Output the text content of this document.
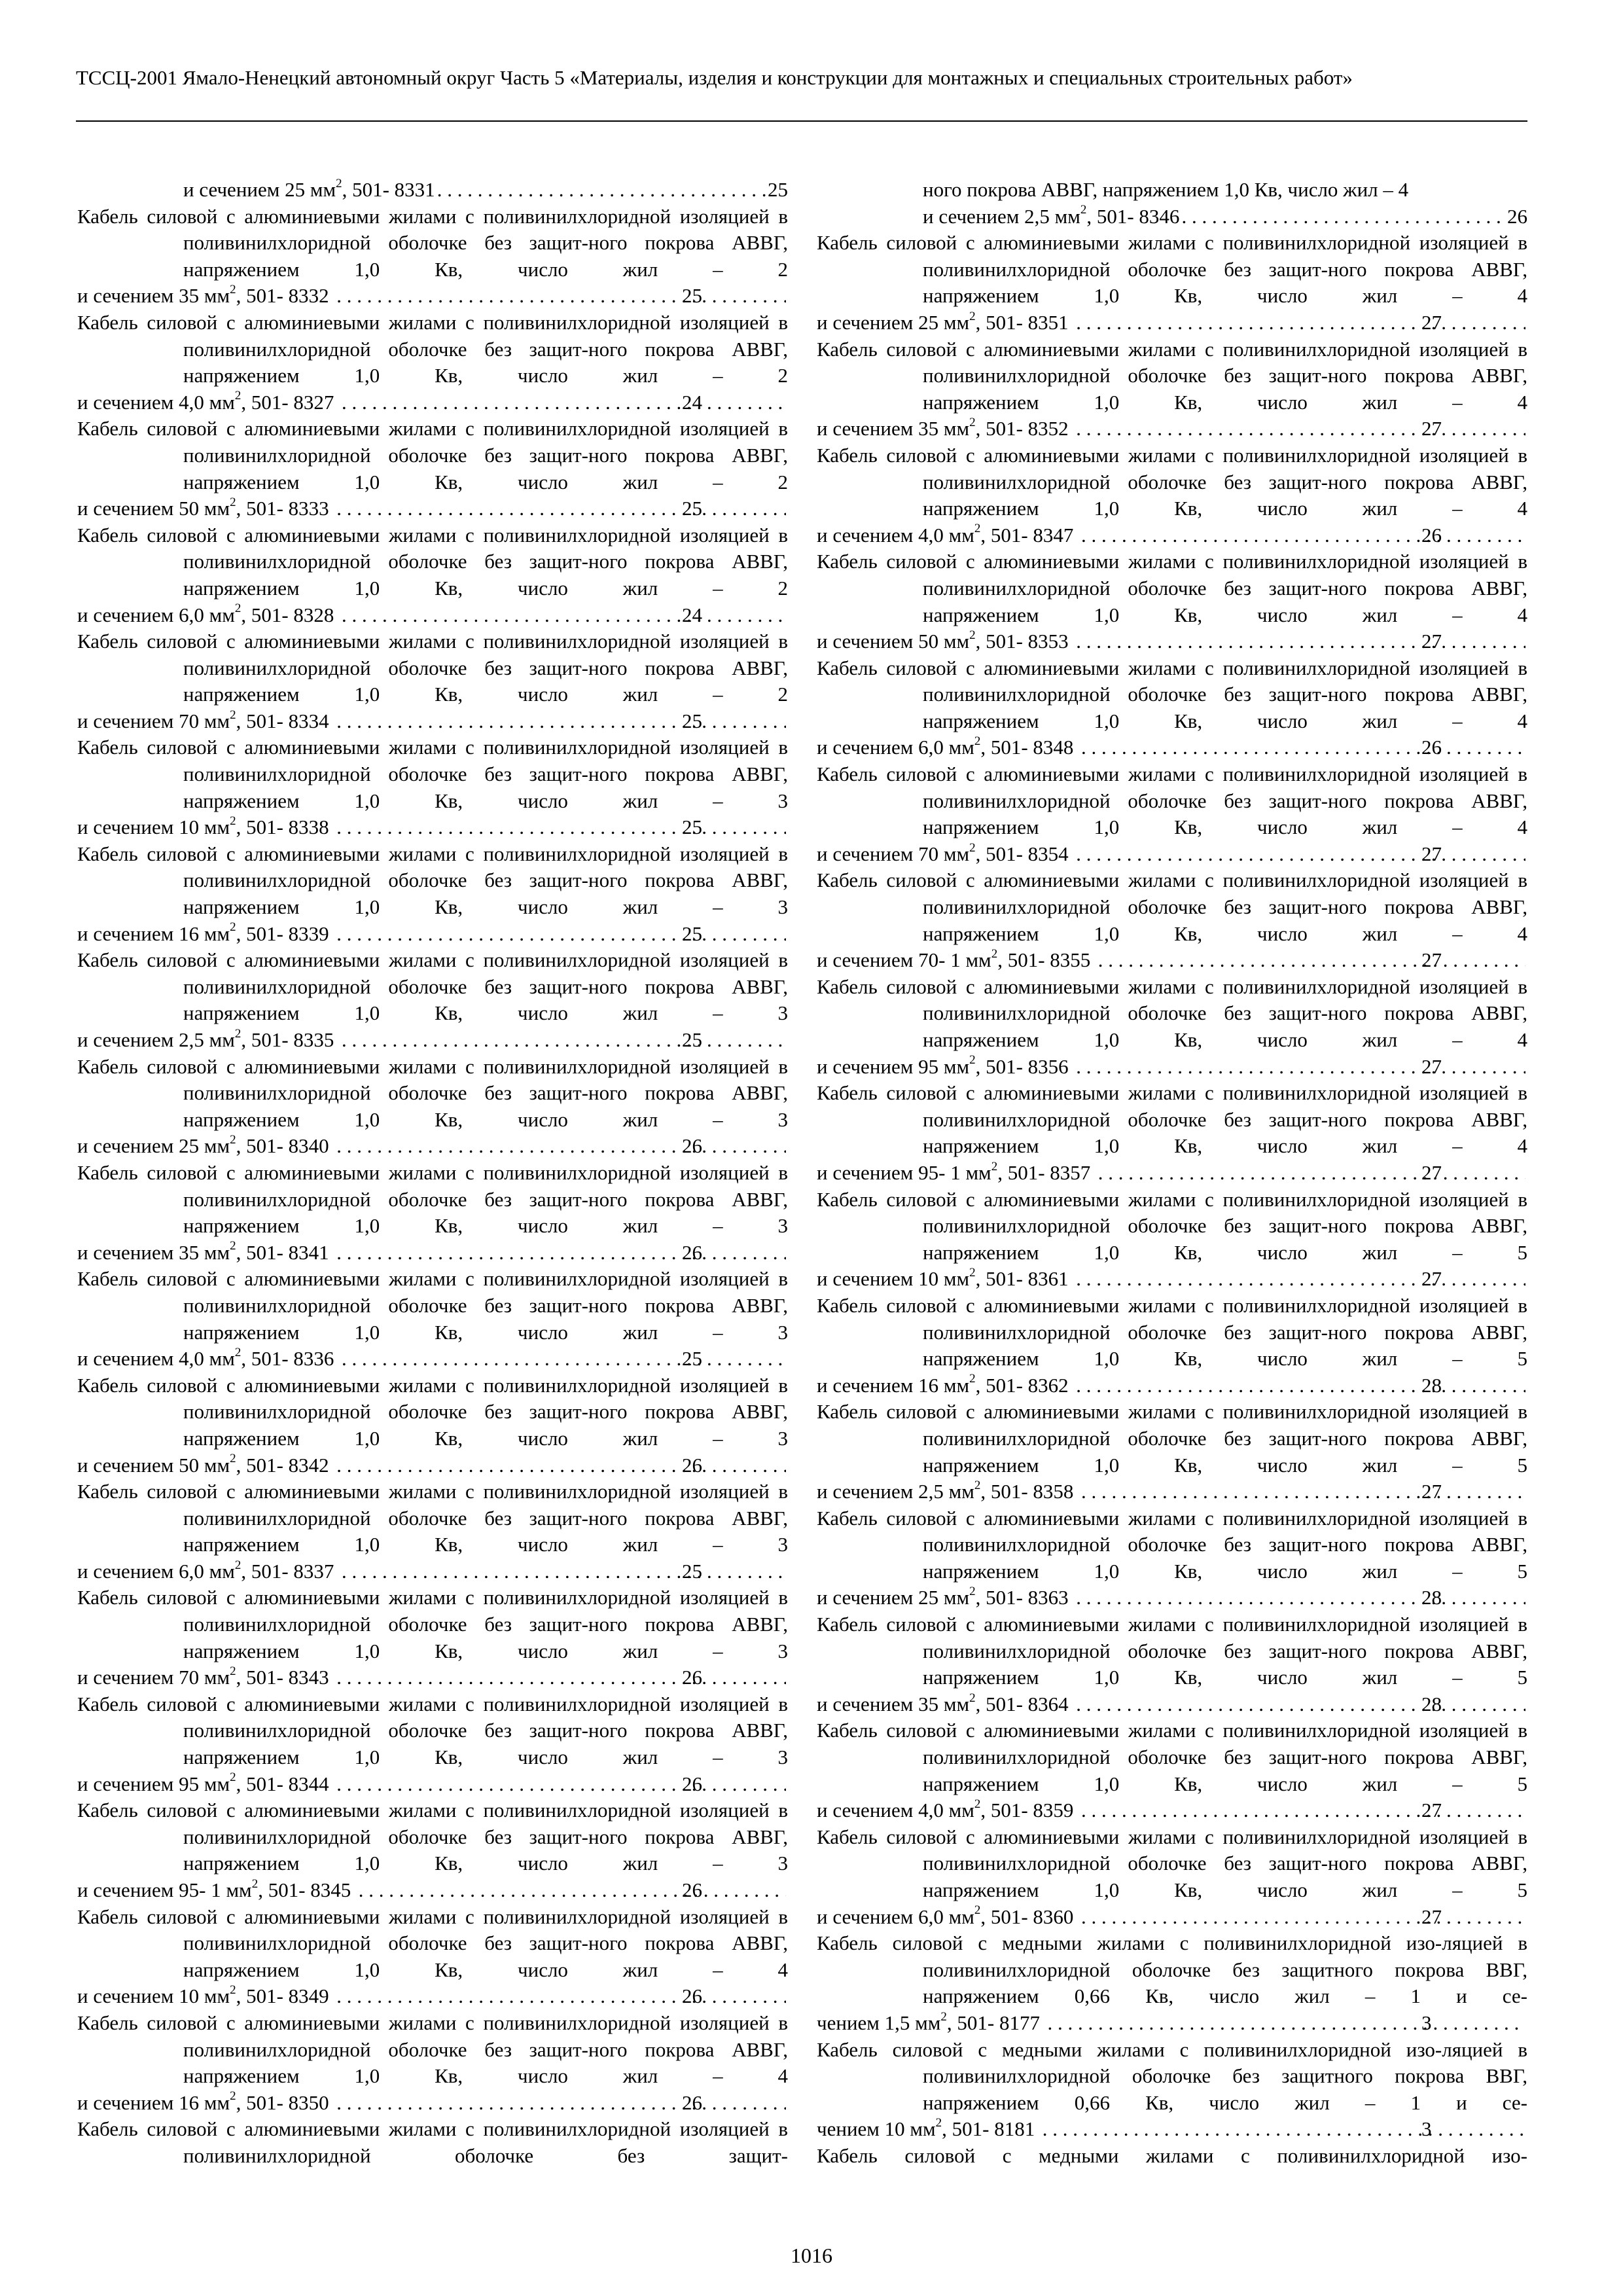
ТССЦ-2001 Ямало-Ненецкий автономный округ Часть 5 «Материалы, изделия и конструкции для монтажных и специальных строительных работ»
и сечением 25 $мм^2$, 501- 8331 . . .	25
Кабель силовой с алюминиевыми жилами с поливинилхлоридной изоляцией в поливинилхлоридной оболочке без защит-ного покрова АВВГ, напряжением 1,0 Кв, число жил – 2
и сечением 35 $мм^2$, 501- 8332 . . .	25
Кабель силовой с алюминиевыми жилами с поливинилхлоридной изоляцией в поливинилхлоридной оболочке без защит-ного покрова АВВГ, напряжением 1,0 Кв, число жил – 2
и сечением 4,0 $мм^2$, 501- 8327 . . .	24
Кабель силовой с алюминиевыми жилами с поливинилхлоридной изоляцией в поливинилхлоридной оболочке без защит-ного покрова АВВГ, напряжением 1,0 Кв, число жил – 2
и сечением 50 $мм^2$, 501- 8333 . . .	25
Кабель силовой с алюминиевыми жилами с поливинилхлоридной изоляцией в поливинилхлоридной оболочке без защит-ного покрова АВВГ, напряжением 1,0 Кв, число жил – 2
и сечением 6,0 $мм^2$, 501- 8328 . . .	24
Кабель силовой с алюминиевыми жилами с поливинилхлоридной изоляцией в поливинилхлоридной оболочке без защит-ного покрова АВВГ, напряжением 1,0 Кв, число жил – 2
и сечением 70 $мм^2$, 501- 8334 . . .	25
Кабель силовой с алюминиевыми жилами с поливинилхлоридной изоляцией в поливинилхлоридной оболочке без защит-ного покрова АВВГ, напряжением 1,0 Кв, число жил – 3
и сечением 10 $мм^2$, 501- 8338 . . .	25
Кабель силовой с алюминиевыми жилами с поливинилхлоридной изоляцией в поливинилхлоридной оболочке без защит-ного покрова АВВГ, напряжением 1,0 Кв, число жил – 3
и сечением 16 $мм^2$, 501- 8339 . . .	25
Кабель силовой с алюминиевыми жилами с поливинилхлоридной изоляцией в поливинилхлоридной оболочке без защит-ного покрова АВВГ, напряжением 1,0 Кв, число жил – 3
и сечением 2,5 $мм^2$, 501- 8335 . . .	25
Кабель силовой с алюминиевыми жилами с поливинилхлоридной изоляцией в поливинилхлоридной оболочке без защит-ного покрова АВВГ, напряжением 1,0 Кв, число жил – 3
и сечением 25 $мм^2$, 501- 8340 . . .	26
Кабель силовой с алюминиевыми жилами с поливинилхлоридной изоляцией в поливинилхлоридной оболочке без защит-ного покрова АВВГ, напряжением 1,0 Кв, число жил – 3
и сечением 35 $мм^2$, 501- 8341 . . .	26
Кабель силовой с алюминиевыми жилами с поливинилхлоридной изоляцией в поливинилхлоридной оболочке без защит-ного покрова АВВГ, напряжением 1,0 Кв, число жил – 3
и сечением 4,0 $мм^2$, 501- 8336 . . .	25
Кабель силовой с алюминиевыми жилами с поливинилхлоридной изоляцией в поливинилхлоридной оболочке без защит-ного покрова АВВГ, напряжением 1,0 Кв, число жил – 3
и сечением 50 $мм^2$, 501- 8342 . . .	26
Кабель силовой с алюминиевыми жилами с поливинилхлоридной изоляцией в поливинилхлоридной оболочке без защит-ного покрова АВВГ, напряжением 1,0 Кв, число жил – 3
и сечением 6,0 $мм^2$, 501- 8337 . . .	25
Кабель силовой с алюминиевыми жилами с поливинилхлоридной изоляцией в поливинилхлоридной оболочке без защит-ного покрова АВВГ, напряжением 1,0 Кв, число жил – 3
и сечением 70 $мм^2$, 501- 8343 . . .	26
Кабель силовой с алюминиевыми жилами с поливинилхлоридной изоляцией в поливинилхлоридной оболочке без защит-ного покрова АВВГ, напряжением 1,0 Кв, число жил – 3
и сечением 95 $мм^2$, 501- 8344 . . .	26
Кабель силовой с алюминиевыми жилами с поливинилхлоридной изоляцией в поливинилхлоридной оболочке без защит-ного покрова АВВГ, напряжением 1,0 Кв, число жил – 3
и сечением 95- 1 $мм^2$, 501- 8345 . . .	26
Кабель силовой с алюминиевыми жилами с поливинилхлоридной изоляцией в поливинилхлоридной оболочке без защит-ного покрова АВВГ, напряжением 1,0 Кв, число жил – 4
и сечением 10 $мм^2$, 501- 8349 . . .	26
Кабель силовой с алюминиевыми жилами с поливинилхлоридной изоляцией в поливинилхлоридной оболочке без защит-ного покрова АВВГ, напряжением 1,0 Кв, число жил – 4
и сечением 16 $мм^2$, 501- 8350 . . .	26
Кабель силовой с алюминиевыми жилами с поливинилхлоридной изоляцией в поливинилхлоридной оболочке без защит-
ного покрова АВВГ, напряжением 1,0 Кв, число жил – 4
и сечением 2,5 $мм^2$, 501- 8346 . . .	26
Кабель силовой с алюминиевыми жилами с поливинилхлоридной изоляцией в поливинилхлоридной оболочке без защит-ного покрова АВВГ, напряжением 1,0 Кв, число жил – 4
и сечением 25 $мм^2$, 501- 8351 . . .	27
Кабель силовой с алюминиевыми жилами с поливинилхлоридной изоляцией в поливинилхлоридной оболочке без защит-ного покрова АВВГ, напряжением 1,0 Кв, число жил – 4
и сечением 35 $мм^2$, 501- 8352 . . .	27
Кабель силовой с алюминиевыми жилами с поливинилхлоридной изоляцией в поливинилхлоридной оболочке без защит-ного покрова АВВГ, напряжением 1,0 Кв, число жил – 4
и сечением 4,0 $мм^2$, 501- 8347 . . .	26
Кабель силовой с алюминиевыми жилами с поливинилхлоридной изоляцией в поливинилхлоридной оболочке без защит-ного покрова АВВГ, напряжением 1,0 Кв, число жил – 4
и сечением 50 $мм^2$, 501- 8353 . . .	27
Кабель силовой с алюминиевыми жилами с поливинилхлоридной изоляцией в поливинилхлоридной оболочке без защит-ного покрова АВВГ, напряжением 1,0 Кв, число жил – 4
и сечением 6,0 $мм^2$, 501- 8348 . . .	26
Кабель силовой с алюминиевыми жилами с поливинилхлоридной изоляцией в поливинилхлоридной оболочке без защит-ного покрова АВВГ, напряжением 1,0 Кв, число жил – 4
и сечением 70 $мм^2$, 501- 8354 . . .	27
Кабель силовой с алюминиевыми жилами с поливинилхлоридной изоляцией в поливинилхлоридной оболочке без защит-ного покрова АВВГ, напряжением 1,0 Кв, число жил – 4
и сечением 70- 1 $мм^2$, 501- 8355 . . .	27
Кабель силовой с алюминиевыми жилами с поливинилхлоридной изоляцией в поливинилхлоридной оболочке без защит-ного покрова АВВГ, напряжением 1,0 Кв, число жил – 4
и сечением 95 $мм^2$, 501- 8356 . . .	27
Кабель силовой с алюминиевыми жилами с поливинилхлоридной изоляцией в поливинилхлоридной оболочке без защит-ного покрова АВВГ, напряжением 1,0 Кв, число жил – 4
и сечением 95- 1 $мм^2$, 501- 8357 . . .	27
Кабель силовой с алюминиевыми жилами с поливинилхлоридной изоляцией в поливинилхлоридной оболочке без защит-ного покрова АВВГ, напряжением 1,0 Кв, число жил – 5
и сечением 10 $мм^2$, 501- 8361 . . .	27
Кабель силовой с алюминиевыми жилами с поливинилхлоридной изоляцией в поливинилхлоридной оболочке без защит-ного покрова АВВГ, напряжением 1,0 Кв, число жил – 5
и сечением 16 $мм^2$, 501- 8362 . . .	28
Кабель силовой с алюминиевыми жилами с поливинилхлоридной изоляцией в поливинилхлоридной оболочке без защит-ного покрова АВВГ, напряжением 1,0 Кв, число жил – 5
и сечением 2,5 $мм^2$, 501- 8358 . . .	27
Кабель силовой с алюминиевыми жилами с поливинилхлоридной изоляцией в поливинилхлоридной оболочке без защит-ного покрова АВВГ, напряжением 1,0 Кв, число жил – 5
и сечением 25 $мм^2$, 501- 8363 . . .	28
Кабель силовой с алюминиевыми жилами с поливинилхлоридной изоляцией в поливинилхлоридной оболочке без защит-ного покрова АВВГ, напряжением 1,0 Кв, число жил – 5
и сечением 35 $мм^2$, 501- 8364 . . .	28
Кабель силовой с алюминиевыми жилами с поливинилхлоридной изоляцией в поливинилхлоридной оболочке без защит-ного покрова АВВГ, напряжением 1,0 Кв, число жил – 5
и сечением 4,0 $мм^2$, 501- 8359 . . .	27
Кабель силовой с алюминиевыми жилами с поливинилхлоридной изоляцией в поливинилхлоридной оболочке без защит-ного покрова АВВГ, напряжением 1,0 Кв, число жил – 5
и сечением 6,0 $мм^2$, 501- 8360 . . .	27
Кабель силовой с медными жилами с поливинилхлоридной изо-ляцией в поливинилхлоридной оболочке без защитного покрова ВВГ, напряжением 0,66 Кв, число жил – 1 и се-
чением 1,5 $мм^2$, 501- 8177 . . .	3
Кабель силовой с медными жилами с поливинилхлоридной изо-ляцией в поливинилхлоридной оболочке без защитного покрова ВВГ, напряжением 0,66 Кв, число жил – 1 и се-
чением 10 $мм^2$, 501- 8181 . . .	3
Кабель силовой с медными жилами с поливинилхлоридной изо-
1016
